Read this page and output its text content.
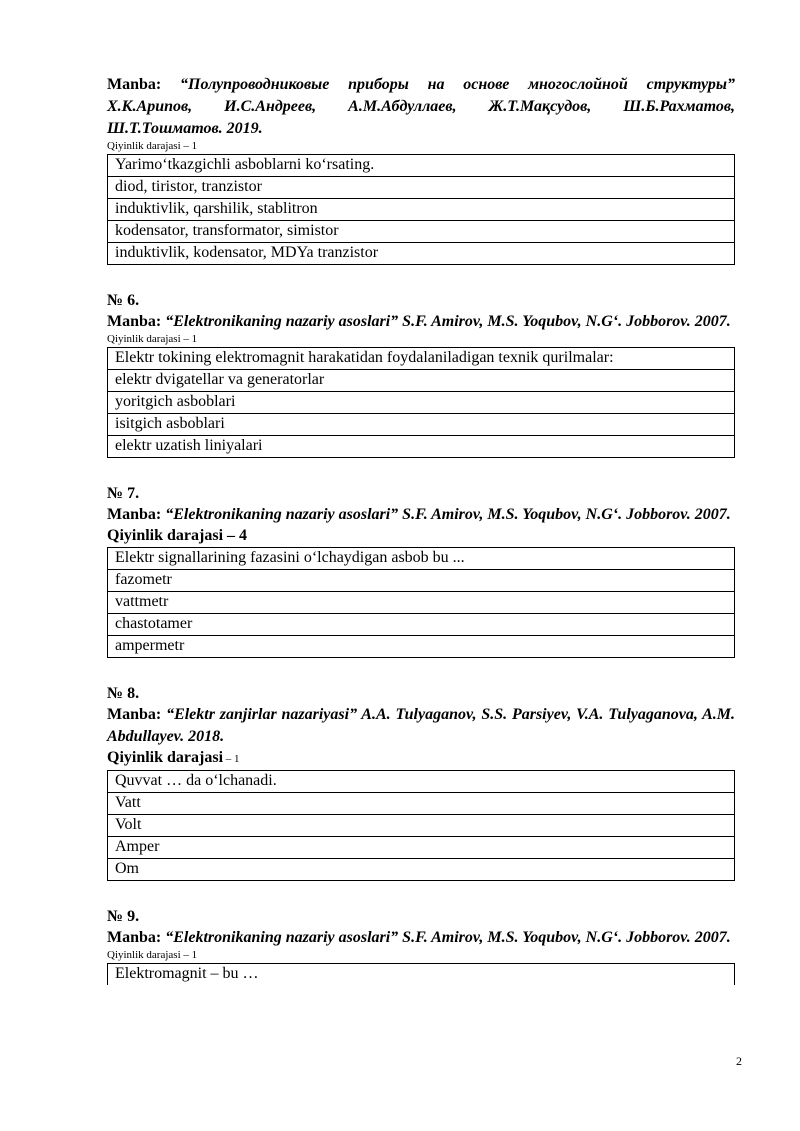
Manba: “Полупроводниковые приборы на основе многослойной структуры” Х.К.Арипов, И.С.Андреев, А.М.Абдуллаев, Ж.Т.Мақсудов, Ш.Б.Рахматов, Ш.Т.Тошматов. 2019.
Qiyinlik darajasi – 1
Yarimo‘tkazgichli asboblarni ko‘rsating.
diod, tiristor, tranzistor
induktivlik, qarshilik, stablitron
kodensator, transformator, simistor
induktivlik, kodensator, MDYa tranzistor
№ 6.
Manba: “Elektronikaning nazariy asoslari” S.F. Amirov, M.S. Yoqubov, N.G‘. Jobborov. 2007.
Qiyinlik darajasi – 1
Elektr tokining elektromagnit harakatidan foydalaniladigan texnik qurilmalar:
elektr dvigatellar va generatorlar
yoritgich asboblari
isitgich asboblari
elektr uzatish liniyalari
№ 7.
Manba: “Elektronikaning nazariy asoslari” S.F. Amirov, M.S. Yoqubov, N.G‘. Jobborov. 2007.
Qiyinlik darajasi – 4
Elektr signallarining fazasini o‘lchaydigan asbob bu ...
fazometr
vattmetr
chastotamer
ampermetr
№ 8.
Manba: “Elektr zanjirlar nazariyasi” A.A. Tulyaganov, S.S. Parsiyev, V.A. Tulyaganova, A.M. Abdullayev. 2018.
Qiyinlik darajasi – 1
Quvvat … da o‘lchanadi.
Vatt
Volt
Amper
Om
№ 9.
Manba: “Elektronikaning nazariy asoslari” S.F. Amirov, M.S. Yoqubov, N.G‘. Jobborov. 2007.
Qiyinlik darajasi – 1
Elektromagnit – bu …
2
